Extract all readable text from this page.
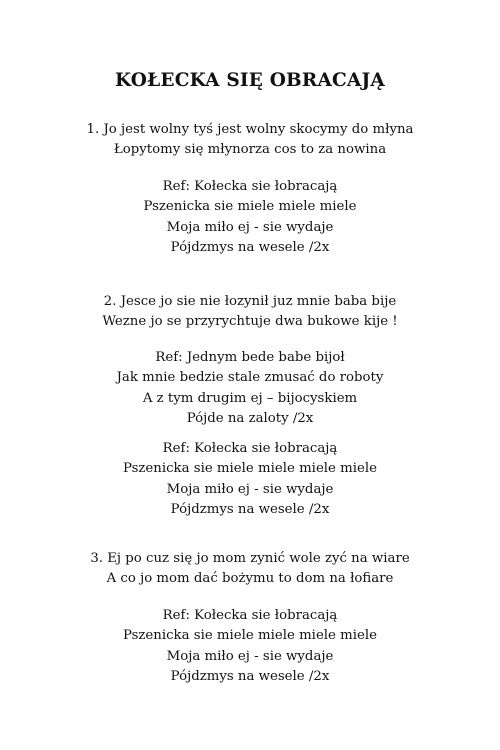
KOŁECKA SIĘ OBRACAJĄ
1. Jo jest wolny tyś jest wolny skocymy do młyna
Łopytomy się młynorza cos to za nowina
Ref: Kołecka sie łobracają
Pszenicka sie miele miele miele
Moja miło ej - sie wydaje
Pójdzmys na wesele /2x
2. Jesce jo sie nie łozynił juz mnie baba bije
Wezne jo se przyrychtuje dwa bukowe kije !
Ref: Jednym bede babe bijoł
Jak mnie bedzie stale zmusać do roboty
A z tym drugim ej – bijocyskiem
Pójde na zaloty /2x
Ref: Kołecka sie łobracają
Pszenicka sie miele miele miele miele
Moja miło ej - sie wydaje
Pójdzmys na wesele /2x
3. Ej po cuz się jo mom zynić wole zyć na wiare
A co jo mom dać bożymu to dom na łofiare
Ref: Kołecka sie łobracają
Pszenicka sie miele miele miele miele
Moja miło ej - sie wydaje
Pójdzmys na wesele /2x
